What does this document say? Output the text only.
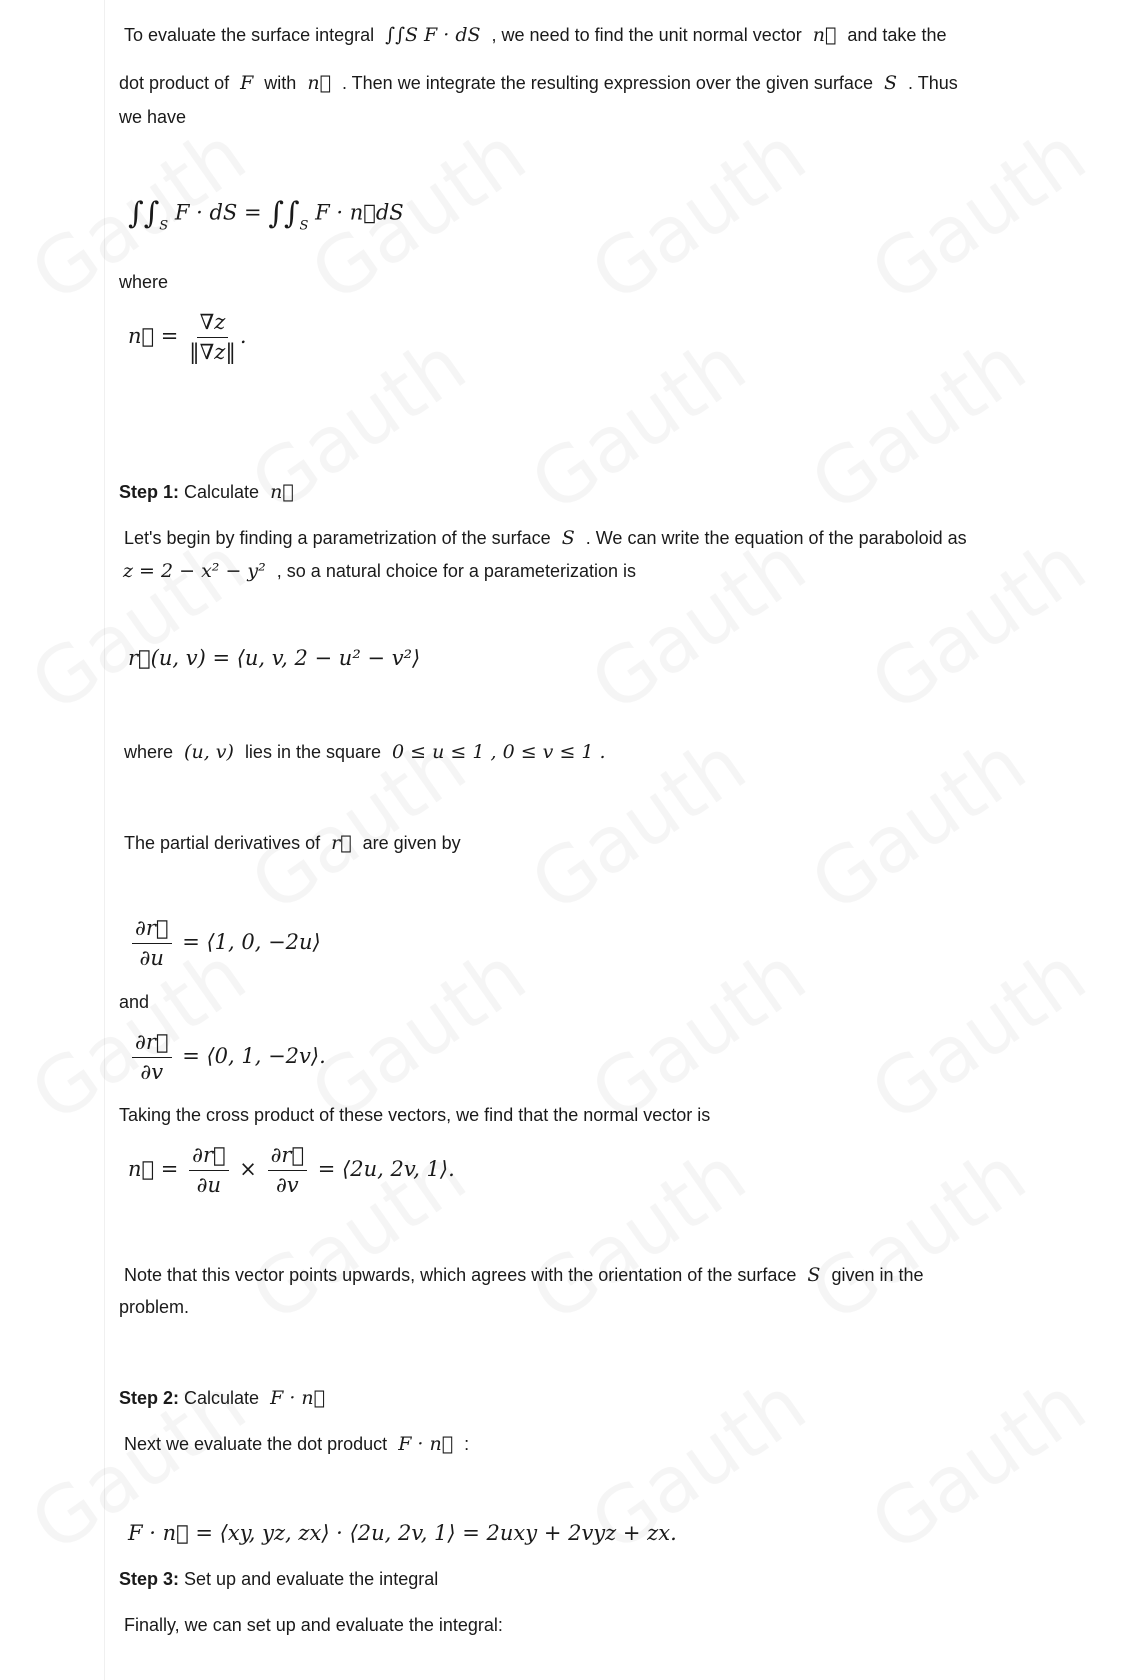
To evaluate the surface integral ∫∫S F · dS , we need to find the unit normal vector n⃗ and take the
dot product of F with n⃗ . Then we integrate the resulting expression over the given surface S . Thus
we have
$\int\int_S$ F · dS = $\int\int_S$ F · n⃗dS
where
n⃗ = $\frac{\nabla z}{‖\nabla z‖}$ .
Step 1: Calculate n⃗
Let's begin by finding a parametrization of the surface S . We can write the equation of the paraboloid as
z = 2 − x² − y² , so a natural choice for a parameterization is
r⃗(u, v) = ⟨u, v, 2 − u² − v²⟩
where (u, v) lies in the square 0 ≤ u ≤ 1 , 0 ≤ v ≤ 1 .
The partial derivatives of r⃗ are given by
$\frac{\partial r⃗}{\partial u}$ = ⟨1, 0, −2u⟩
and
$\frac{\partial r⃗}{\partial v}$ = ⟨0, 1, −2v⟩.
Taking the cross product of these vectors, we find that the normal vector is
n⃗ = $\frac{\partial r⃗}{\partial u} \times \frac{\partial r⃗}{\partial v}$ = ⟨2u, 2v, 1⟩.
Note that this vector points upwards, which agrees with the orientation of the surface S given in the
problem.
Step 2: Calculate F · n⃗
Next we evaluate the dot product F · n⃗ :
F · n⃗ = ⟨xy, yz, zx⟩ · ⟨2u, 2v, 1⟩ = 2uxy + 2vyz + zx.
Step 3: Set up and evaluate the integral
Finally, we can set up and evaluate the integral:
